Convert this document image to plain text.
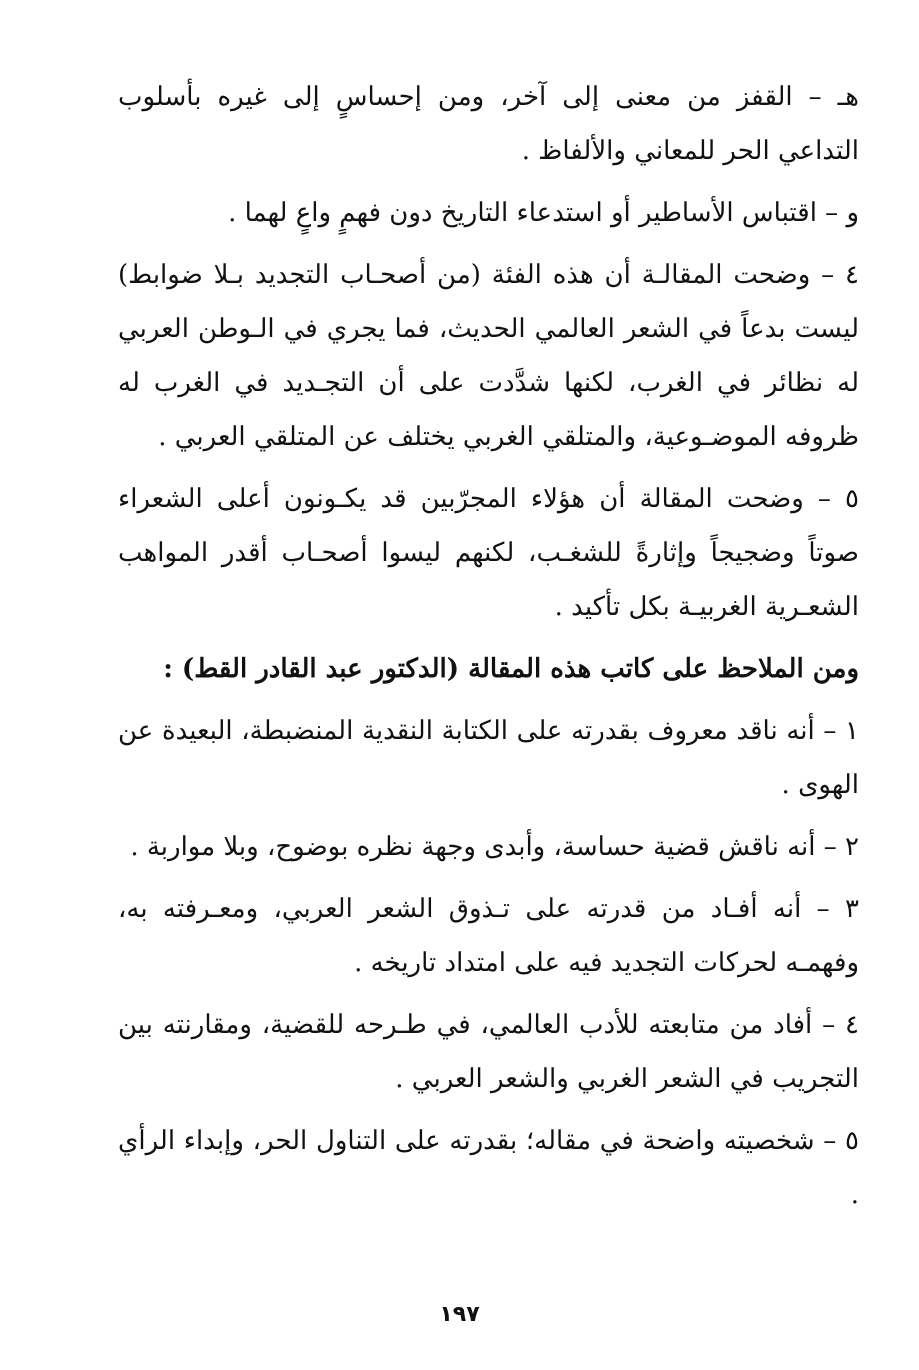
هـ – القفز من معنى إلى آخر، ومن إحساسٍ إلى غيره بأسلوب التداعي الحر للمعاني والألفاظ .

و – اقتباس الأساطير أو استدعاء التاريخ دون فهمٍ واعٍ لهما .

٤ – وضحت المقالـة أن هذه الفئة (من أصحـاب التجديد بـلا ضوابط) ليست بدعاً في الشعر العالمي الحديث، فما يجري في الـوطن العربي له نظائر في الغرب، لكنها شدَّدت على أن التجـديد في الغرب له ظروفه الموضـوعية، والمتلقي الغربي يختلف عن المتلقي العربي .

٥ – وضحت المقالة أن هؤلاء المجرّبين قد يكـونون أعلى الشعراء صوتاً وضجيجاً وإثارةً للشغـب، لكنهم ليسوا أصحـاب أقدر المواهب الشعـرية الغربيـة بكل تأكيد .

ومن الملاحظ على كاتب هذه المقالة (الدكتور عبد القادر القط) :

١ – أنه ناقد معروف بقدرته على الكتابة النقدية المنضبطة، البعيدة عن الهوى .

٢ – أنه ناقش قضية حساسة، وأبدى وجهة نظره بوضوح، وبلا مواربة .

٣ – أنه أفـاد من قدرته على تـذوق الشعر العربي، ومعـرفته به، وفهمـه لحركات التجديد فيه على امتداد تاريخه .

٤ – أفاد من متابعته للأدب العالمي، في طـرحه للقضية، ومقارنته بين التجريب في الشعر الغربي والشعر العربي .

٥ – شخصيته واضحة في مقاله؛ بقدرته على التناول الحر، وإبداء الرأي .

١٩٧
